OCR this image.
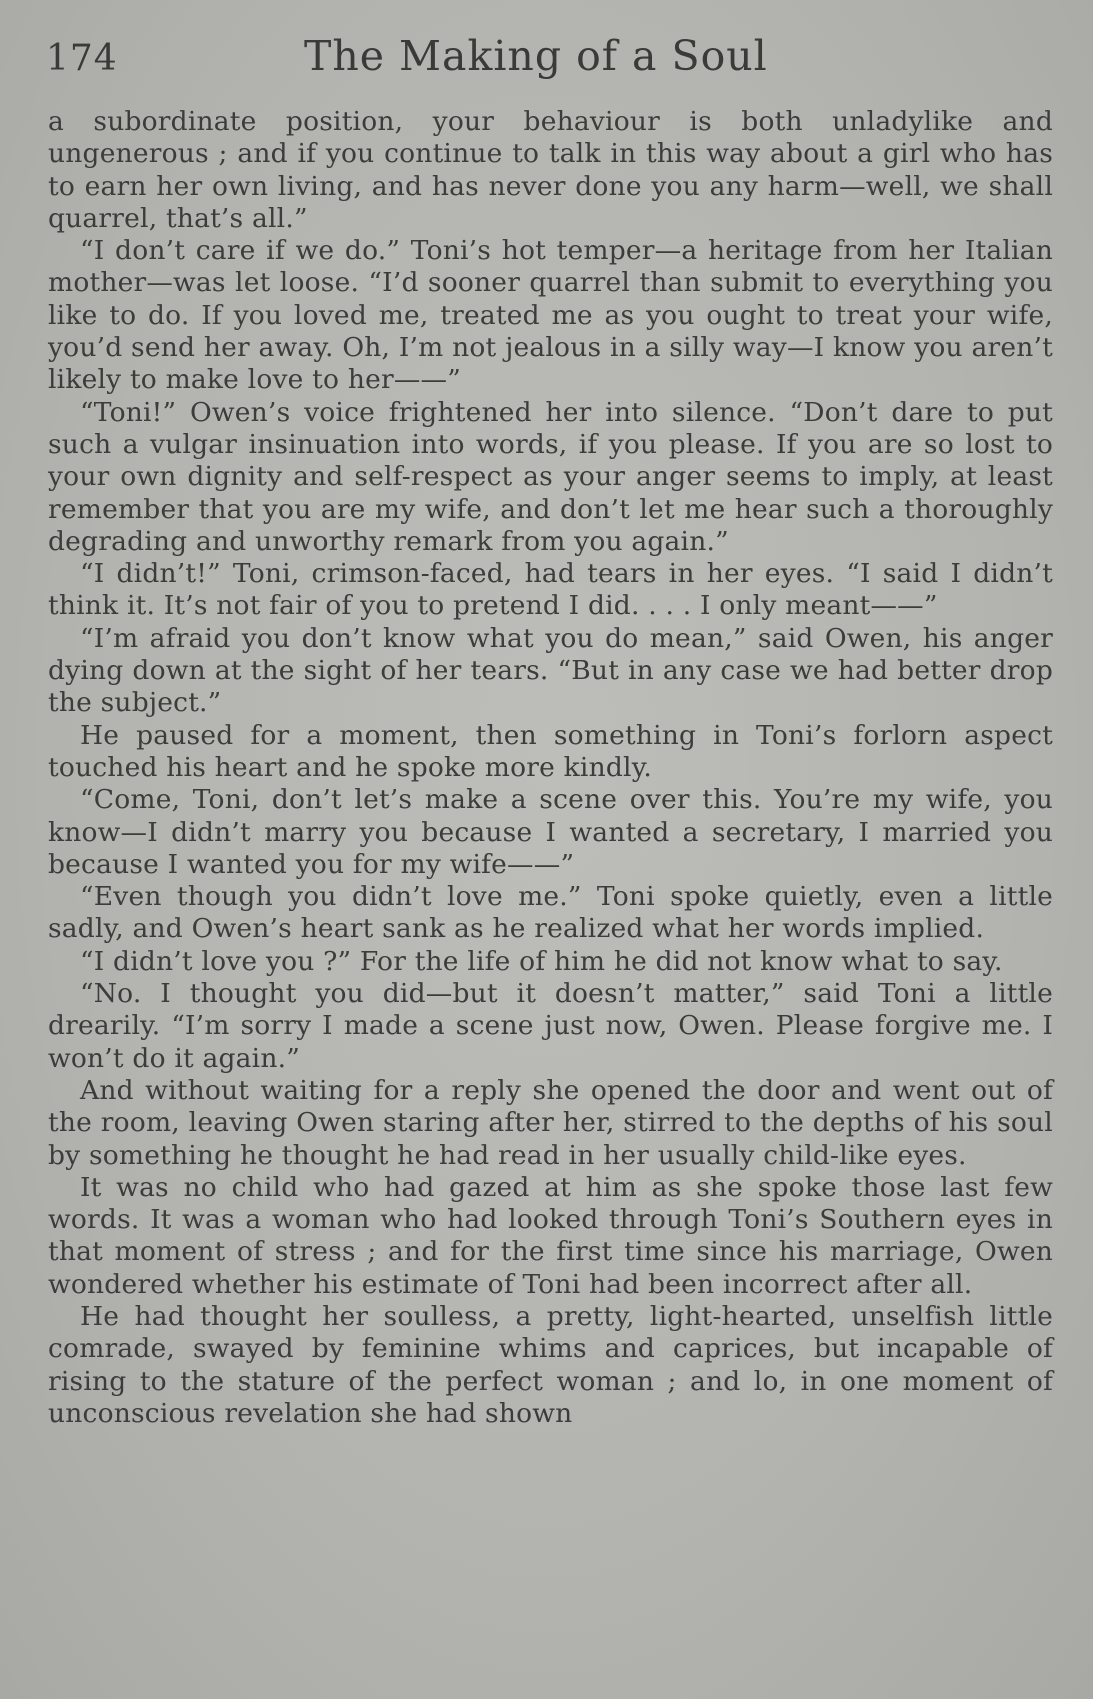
174	The Making of a Soul

a subordinate position, your behaviour is both unladylike and ungenerous ; and if you continue to talk in this way about a girl who has to earn her own living, and has never done you any harm—well, we shall quarrel, that’s all.”

“I don’t care if we do.” Toni’s hot temper—a heritage from her Italian mother—was let loose. “I’d sooner quarrel than submit to everything you like to do. If you loved me, treated me as you ought to treat your wife, you’d send her away. Oh, I’m not jealous in a silly way—I know you aren’t likely to make love to her——”

“Toni!” Owen’s voice frightened her into silence. “Don’t dare to put such a vulgar insinuation into words, if you please. If you are so lost to your own dignity and self-respect as your anger seems to imply, at least remember that you are my wife, and don’t let me hear such a thoroughly degrading and unworthy remark from you again.”

“I didn’t!” Toni, crimson-faced, had tears in her eyes. “I said I didn’t think it. It’s not fair of you to pretend I did. . . . I only meant——”

“I’m afraid you don’t know what you do mean,” said Owen, his anger dying down at the sight of her tears. “But in any case we had better drop the subject.”

He paused for a moment, then something in Toni’s forlorn aspect touched his heart and he spoke more kindly.

“Come, Toni, don’t let’s make a scene over this. You’re my wife, you know—I didn’t marry you because I wanted a secretary, I married you because I wanted you for my wife——”

“Even though you didn’t love me.” Toni spoke quietly, even a little sadly, and Owen’s heart sank as he realized what her words implied.

“I didn’t love you ?” For the life of him he did not know what to say.

“No. I thought you did—but it doesn’t matter,” said Toni a little drearily. “I’m sorry I made a scene just now, Owen. Please forgive me. I won’t do it again.”

And without waiting for a reply she opened the door and went out of the room, leaving Owen staring after her, stirred to the depths of his soul by something he thought he had read in her usually child-like eyes.

It was no child who had gazed at him as she spoke those last few words. It was a woman who had looked through Toni’s Southern eyes in that moment of stress ; and for the first time since his marriage, Owen wondered whether his estimate of Toni had been incorrect after all.

He had thought her soulless, a pretty, light-hearted, unselfish little comrade, swayed by feminine whims and caprices, but incapable of rising to the stature of the perfect woman ; and lo, in one moment of unconscious revelation she had shown
